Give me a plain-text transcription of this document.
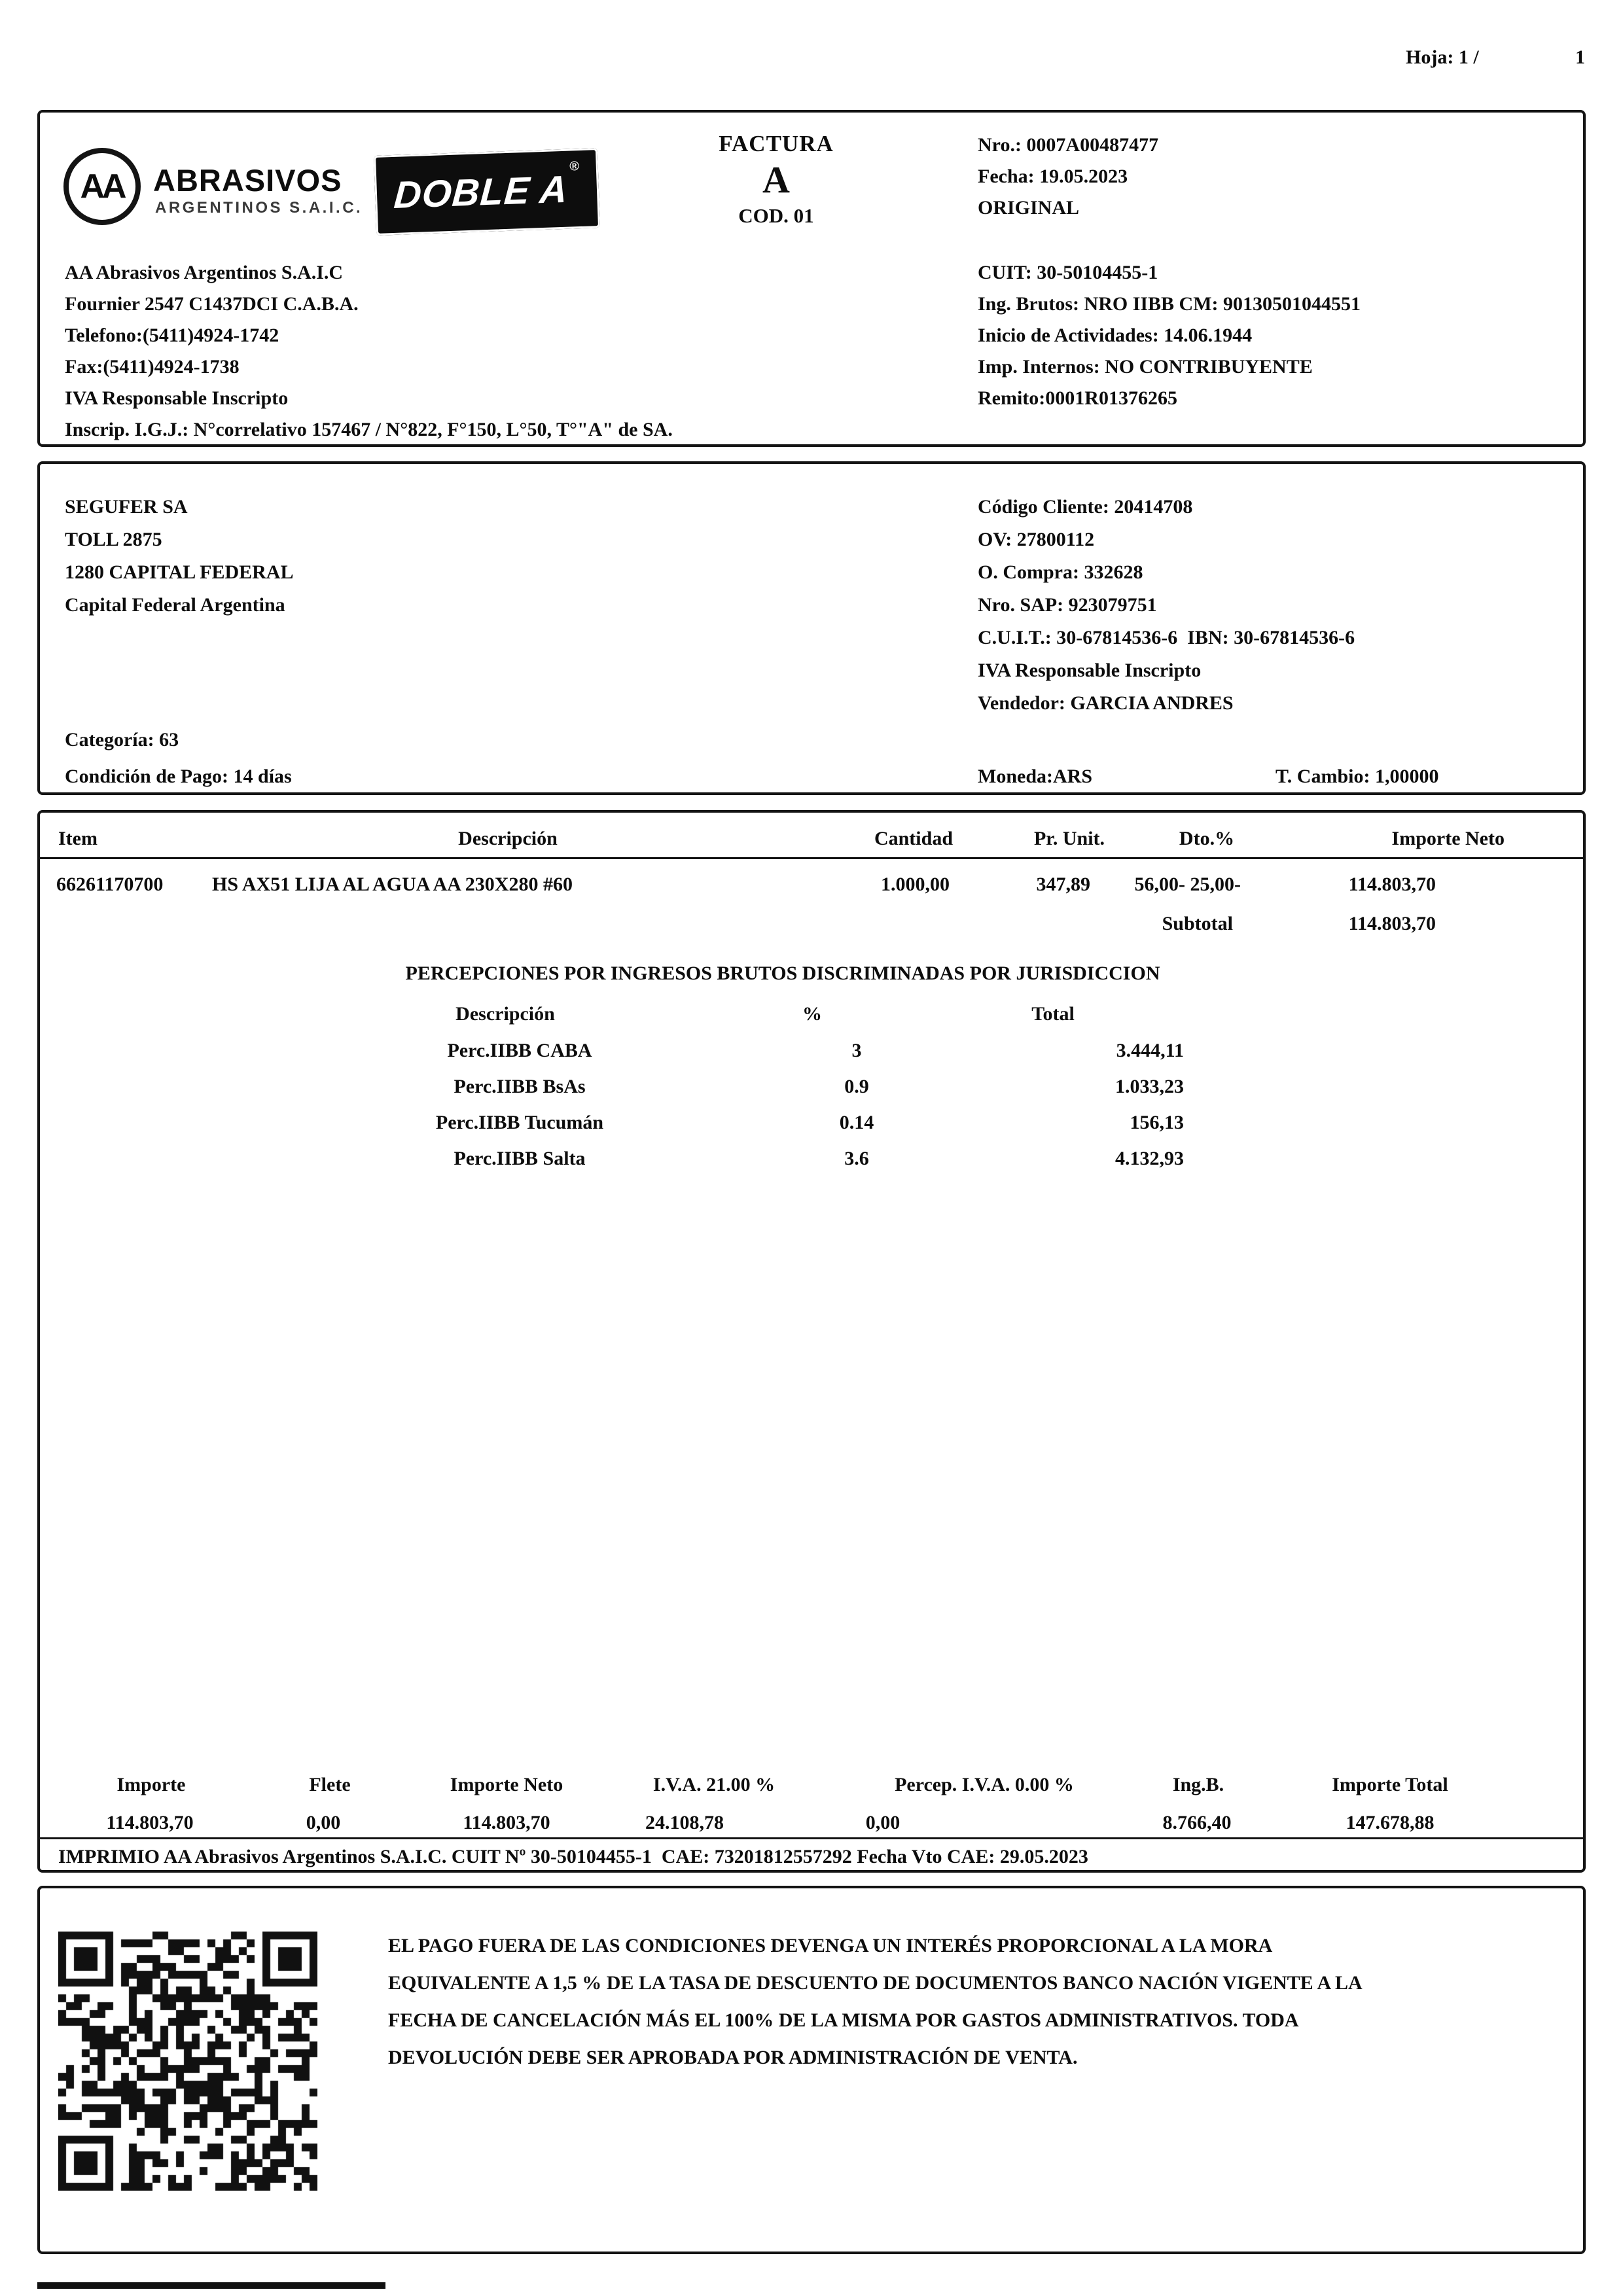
Hoja: 1 /	1
AA ABRASIVOS
ARGENTINOS S.A.I.C. DOBLE A
®
FACTURA
A
COD. 01
Nro.: 0007A00487477
Fecha: 19.05.2023
ORIGINAL
AA Abrasivos Argentinos S.A.I.C
Fournier 2547 C1437DCI C.A.B.A.
Telefono:(5411)4924-1742
Fax:(5411)4924-1738
IVA Responsable Inscripto
Inscrip. I.G.J.: N°correlativo 157467 / N°822, F°150, L°50, T°"A" de SA.
CUIT: 30-50104455-1
Ing. Brutos: NRO IIBB CM: 90130501044551
Inicio de Actividades: 14.06.1944
Imp. Internos: NO CONTRIBUYENTE
Remito:0001R01376265
SEGUFER SA
TOLL 2875
1280 CAPITAL FEDERAL
Capital Federal Argentina
Categoría: 63
Condición de Pago: 14 días
Código Cliente: 20414708
OV: 27800112
O. Compra: 332628
Nro. SAP: 923079751
C.U.I.T.: 30-67814536-6  IBN: 30-67814536-6
IVA Responsable Inscripto
Vendedor: GARCIA ANDRES
Moneda:ARS	T. Cambio: 1,00000
Item	Descripción	Cantidad	Pr. Unit.	Dto.%	Importe Neto
66261170700 HS AX51 LIJA AL AGUA AA 230X280 #60	1.000,00	347,89	56,00- 25,00-	114.803,70
Subtotal	114.803,70
PERCEPCIONES POR INGRESOS BRUTOS DISCRIMINADAS POR JURISDICCION
Descripción	%	Total
Perc.IIBB CABA	3	3.444,11
Perc.IIBB BsAs	0.9	1.033,23
Perc.IIBB Tucumán	0.14	156,13
Perc.IIBB Salta	3.6	4.132,93
Importe	Flete	Importe Neto	I.V.A. 21.00 %	Percep. I.V.A. 0.00 %	Ing.B.	Importe Total
114.803,70	0,00	114.803,70	24.108,78	0,00	8.766,40	147.678,88
IMPRIMIO AA Abrasivos Argentinos S.A.I.C. CUIT Nº 30-50104455-1  CAE: 73201812557292 Fecha Vto CAE: 29.05.2023
EL PAGO FUERA DE LAS CONDICIONES DEVENGA UN INTERÉS PROPORCIONAL A LA MORA
EQUIVALENTE A 1,5 % DE LA TASA DE DESCUENTO DE DOCUMENTOS BANCO NACIÓN VIGENTE A LA
FECHA DE CANCELACIÓN MÁS EL 100% DE LA MISMA POR GASTOS ADMINISTRATIVOS. TODA
DEVOLUCIÓN DEBE SER APROBADA POR ADMINISTRACIÓN DE VENTA.
